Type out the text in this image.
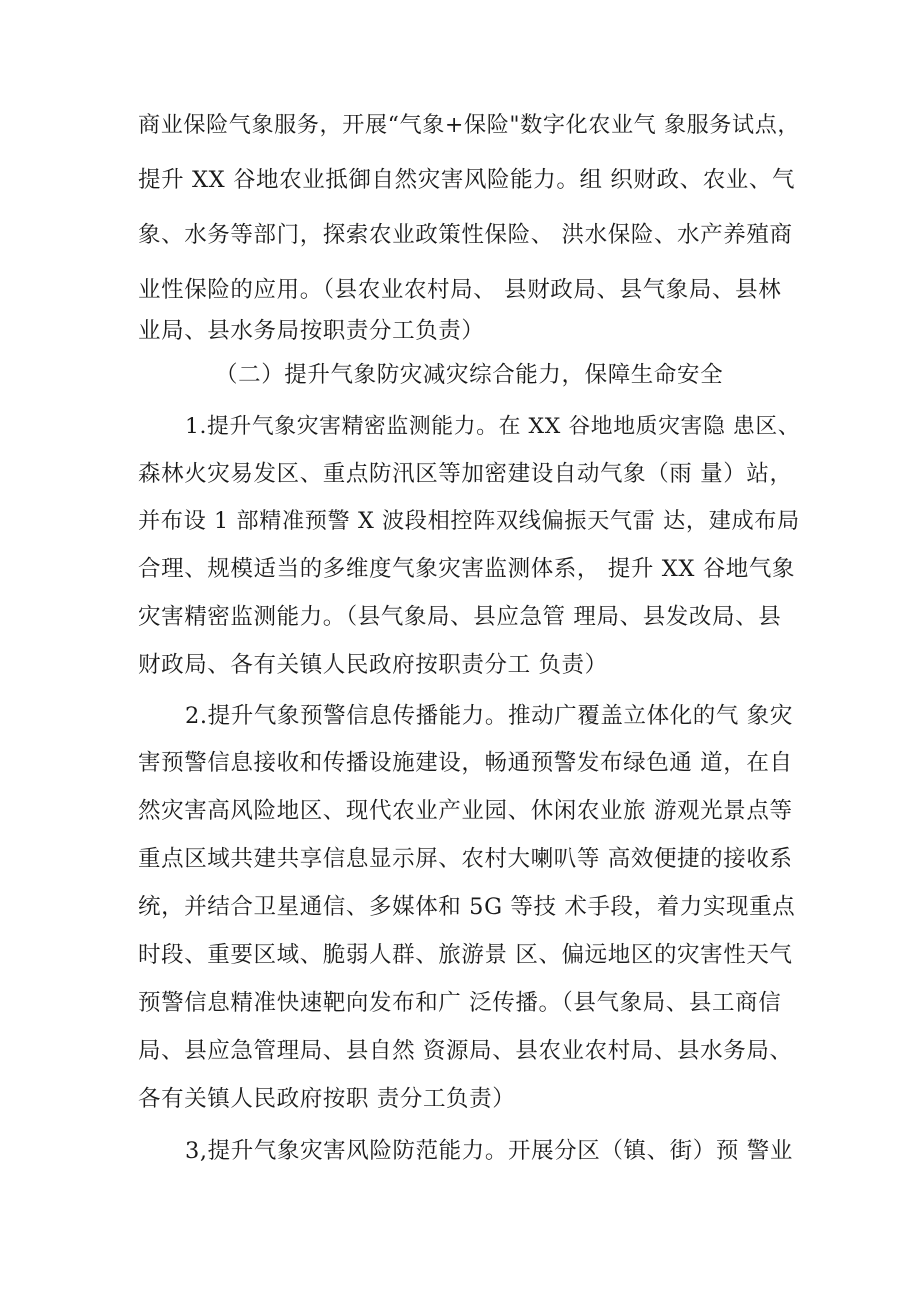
商业保险气象服务，开展“气象+保险"数字化农业气 象服务试点，
提升 XX 谷地农业抵御自然灾害风险能力。组 织财政、农业、气
象、水务等部门，探索农业政策性保险、 洪水保险、水产养殖商
业性保险的应用。（县农业农村局、 县财政局、县气象局、县林
业局、县水务局按职责分工负责）
（二）提升气象防灾减灾综合能力，保障生命安全
1.提升气象灾害精密监测能力。在 XX 谷地地质灾害隐 患区、
森林火灾易发区、重点防汛区等加密建设自动气象（雨 量）站，
并布设 1 部精准预警 X 波段相控阵双线偏振天气雷 达，建成布局
合理、规模适当的多维度气象灾害监测体系， 提升 XX 谷地气象
灾害精密监测能力。（县气象局、县应急管 理局、县发改局、县
财政局、各有关镇人民政府按职责分工 负责）
2.提升气象预警信息传播能力。推动广覆盖立体化的气 象灾
害预警信息接收和传播设施建设，畅通预警发布绿色通 道，在自
然灾害高风险地区、现代农业产业园、休闲农业旅 游观光景点等
重点区域共建共享信息显示屏、农村大喇叭等 高效便捷的接收系
统，并结合卫星通信、多媒体和 5G 等技 术手段，着力实现重点
时段、重要区域、脆弱人群、旅游景 区、偏远地区的灾害性天气
预警信息精准快速靶向发布和广 泛传播。（县气象局、县工商信
局、县应急管理局、县自然 资源局、县农业农村局、县水务局、
各有关镇人民政府按职 责分工负责）
3,提升气象灾害风险防范能力。开展分区（镇、街）预 警业
